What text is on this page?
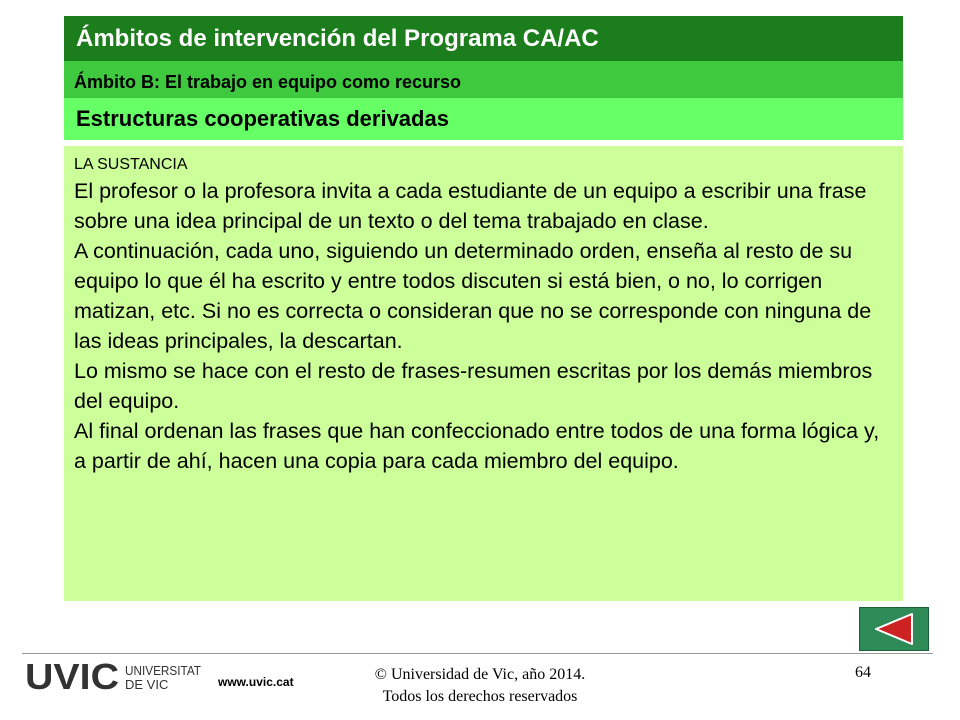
Ámbitos de intervención del Programa CA/AC
Ámbito B: El trabajo en equipo como recurso
Estructuras cooperativas derivadas

LA SUSTANCIA

El profesor o la profesora invita a cada estudiante de un equipo a escribir una frase sobre una idea principal de un texto o del tema trabajado en clase.

A continuación, cada uno, siguiendo un determinado orden, enseña al resto de su equipo lo que él ha escrito y entre todos discuten si está bien, o no, lo corrigen matizan, etc. Si no es correcta o consideran que no se corresponde con ninguna de las ideas principales, la descartan.

Lo mismo se hace con el resto de frases-resumen escritas por los demás miembros del equipo.

Al final ordenan las frases que han confeccionado entre todos de una forma lógica y, a partir de ahí, hacen una copia para cada miembro del equipo.

UVIC UNIVERSITAT
DE VIC	www.uvic.cat	© Universidad de Vic, año 2014.
Todos los derechos reservados
64
